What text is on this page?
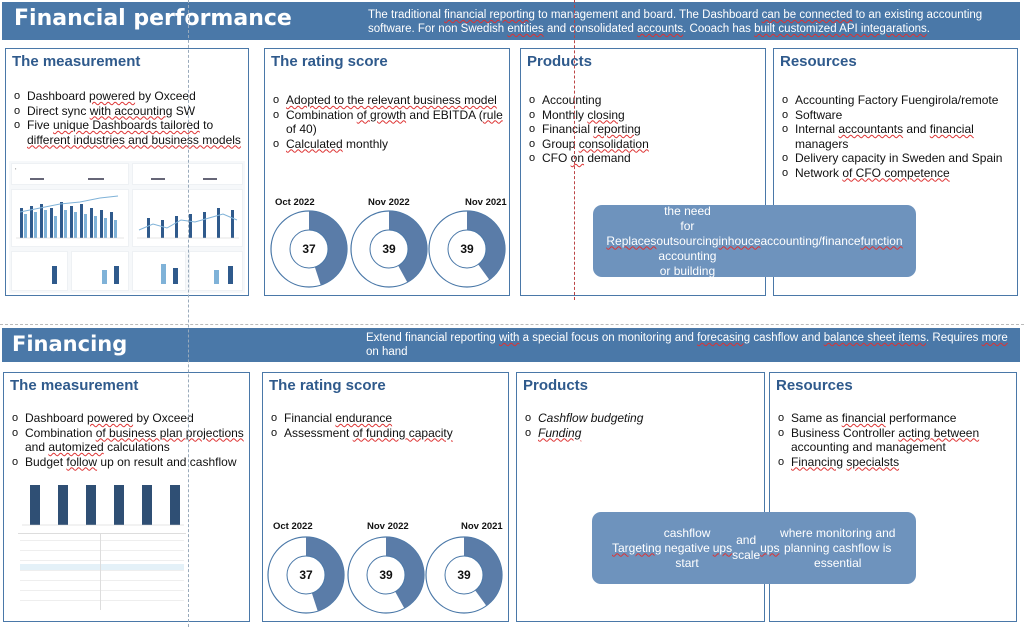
Financial performance	The traditional financial reporting to management and board. The Dashboard can be connected to an existing accounting software. For non Swedish entities and consolidated accounts. Cooach has built customized API integarations.
The measurement
o Dashboard powered by Oxceed
o Direct sync with accounting SW
o Five unique Dashboards tailored to different industries and business models
▪
The rating score
o Adopted to the relevant business model
o Combination of growth and EBITDA (rule of 40)
o Calculated monthly
Oct 2022	Nov 2022	Nov 2021
37	39	39
Products
o Accounting
o Monthly closing
o Financial reporting
o Group consolidation
o CFO on demand
Resources
o Accounting Factory Fuengirola/remote
o Software
o Internal accountants and financial managers
o Delivery capacity in Sweden and Spain
o Network of CFO competence
Replaces
the need for outsourcing accounting or building
inhouce accounting/finance function
Financing	Extend financial reporting with a special focus on monitoring and forecasing cashflow and balance sheet items. Requires more on hand
The measurement
o Dashboard powered by Oxceed
o Combination of business plan projections and automized calculations
o Budget follow up on result and cashflow
The rating score
o Financial endurance
o Assessment of funding capacity
Oct 2022	Nov 2022	Nov 2021
37	39	39
Products
o Cashflow budgeting
o Funding
Resources
o Same as financial performance
o Business Controller acting between accounting and management
o Financing specialsts
Targeting
cashflow negative start
ups
and scale
ups
where monitoring and planning cashflow is essential
